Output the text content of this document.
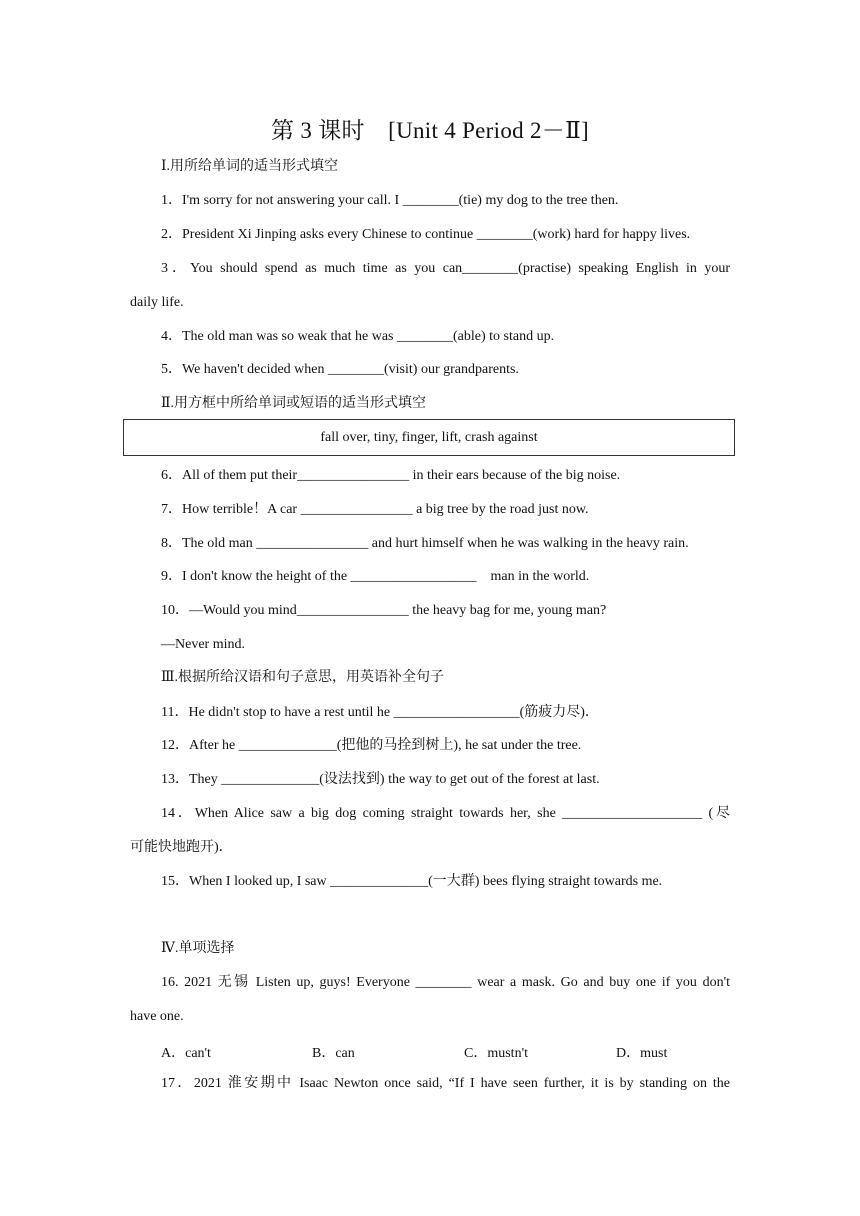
第 3 课时　[Unit 4 Period 2－Ⅱ]
Ⅰ.用所给单词的适当形式填空
1．I'm sorry for not answering your call. I ________(tie) my dog to the tree then.
2．President Xi Jinping asks every Chinese to continue ________(work) hard for happy lives.
3．You should spend as much time as you can________(practise) speaking English in your
daily life.
4．The old man was so weak that he was ________(able) to stand up.
5．We haven't decided when ________(visit) our grandparents.
Ⅱ.用方框中所给单词或短语的适当形式填空
fall over, tiny, finger, lift, crash against
6．All of them put their________________ in their ears because of the big noise.
7．How terrible！A car ________________ a big tree by the road just now.
8．The old man ________________ and hurt himself when he was walking in the heavy rain.
9．I don't know the height of the __________________　man in the world.
10．—Would you mind________________ the heavy bag for me, young man?
—Never mind.
Ⅲ.根据所给汉语和句子意思，用英语补全句子
11．He didn't stop to have a rest until he __________________(筋疲力尽)．
12．After he ______________(把他的马拴到树上), he sat under the tree.
13．They ______________(设法找到) the way to get out of the forest at last.
14．When Alice saw a big dog coming straight towards her, she ____________________ (尽
可能快地跑开)．
15．When I looked up, I saw ______________(一大群) bees flying straight towards me.
Ⅳ.单项选择
16. 2021 无锡 Listen up, guys! Everyone ________ wear a mask. Go and buy one if you don't
have one.
A．can't	B．can	C．mustn't	D．must
17．2021 淮安期中 Isaac Newton once said, “If I have seen further, it is by standing on the
